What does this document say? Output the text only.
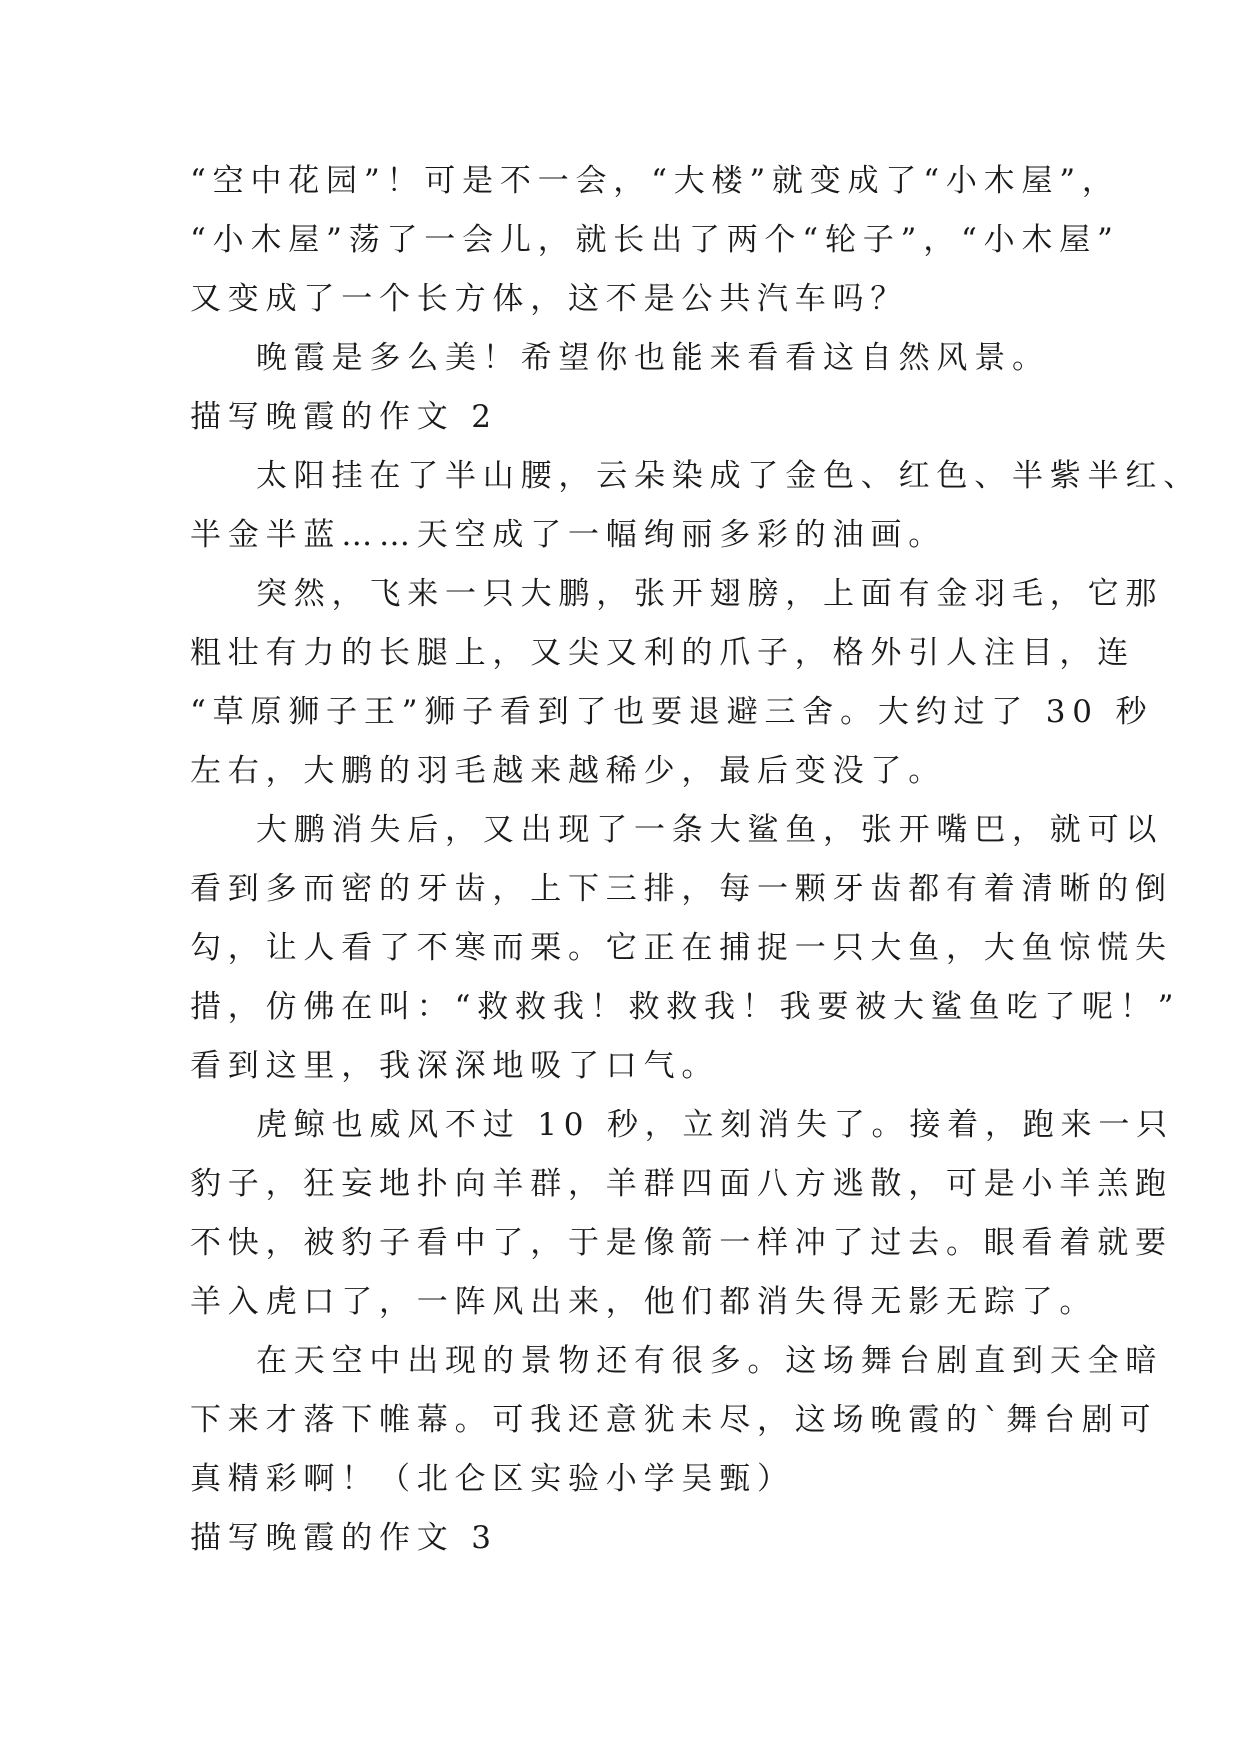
“空中花园”！可是不一会，“大楼”就变成了“小木屋”，
“小木屋”荡了一会儿，就长出了两个“轮子”，“小木屋”
又变成了一个长方体，这不是公共汽车吗？
晚霞是多么美！希望你也能来看看这自然风景。
描写晚霞的作文 2
太阳挂在了半山腰，云朵染成了金色、红色、半紫半红、
半金半蓝……天空成了一幅绚丽多彩的油画。
突然，飞来一只大鹏，张开翅膀，上面有金羽毛，它那
粗壮有力的长腿上，又尖又利的爪子，格外引人注目，连
“草原狮子王”狮子看到了也要退避三舍。大约过了 30 秒
左右，大鹏的羽毛越来越稀少，最后变没了。
大鹏消失后，又出现了一条大鲨鱼，张开嘴巴，就可以
看到多而密的牙齿，上下三排，每一颗牙齿都有着清晰的倒
勾，让人看了不寒而栗。它正在捕捉一只大鱼，大鱼惊慌失
措，仿佛在叫：“救救我！救救我！我要被大鲨鱼吃了呢！”
看到这里，我深深地吸了口气。
虎鲸也威风不过 10 秒，立刻消失了。接着，跑来一只
豹子，狂妄地扑向羊群，羊群四面八方逃散，可是小羊羔跑
不快，被豹子看中了，于是像箭一样冲了过去。眼看着就要
羊入虎口了，一阵风出来，他们都消失得无影无踪了。
在天空中出现的景物还有很多。这场舞台剧直到天全暗
下来才落下帷幕。可我还意犹未尽，这场晚霞的`舞台剧可
真精彩啊！（北仑区实验小学吴甄）
描写晚霞的作文 3
